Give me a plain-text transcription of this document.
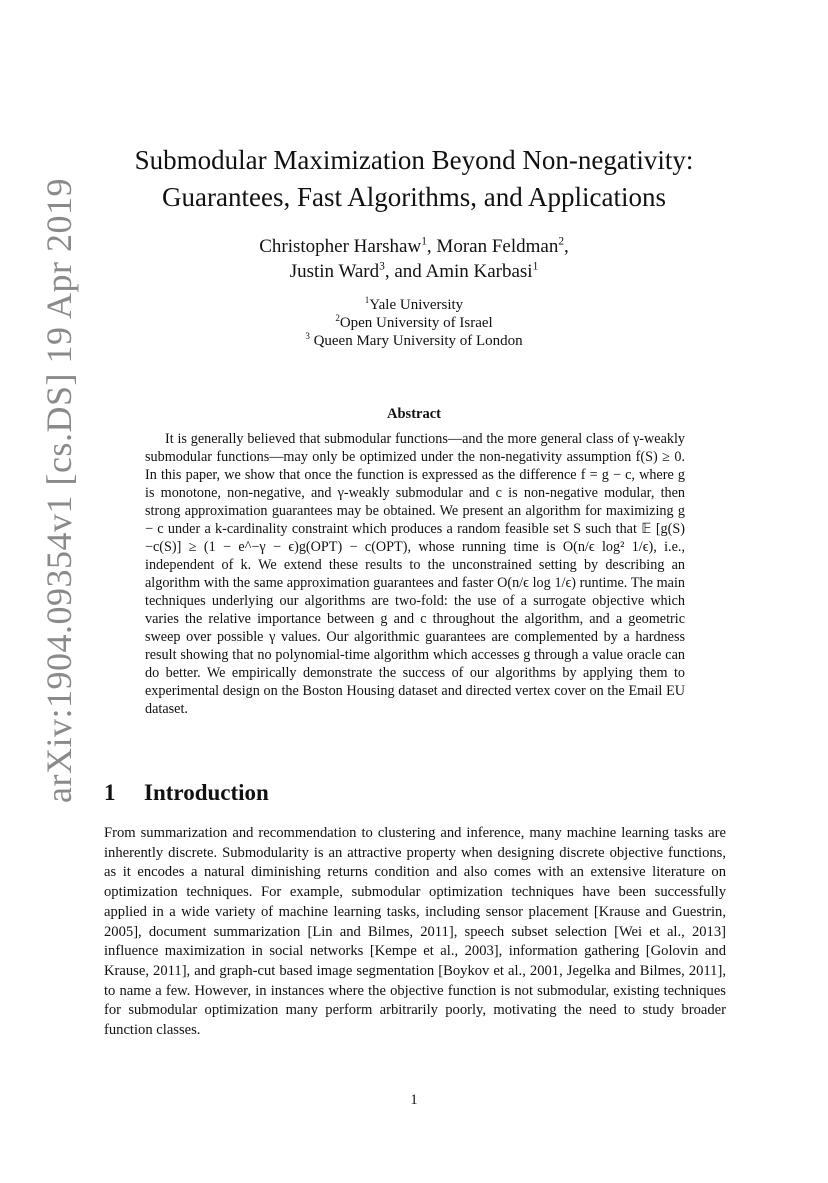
arXiv:1904.09354v1 [cs.DS] 19 Apr 2019
Submodular Maximization Beyond Non-negativity:
Guarantees, Fast Algorithms, and Applications
Christopher Harshaw$^1$, Moran Feldman$^2$,
Justin Ward$^3$, and Amin Karbasi$^1$
$^1$Yale University
$^2$Open University of Israel
$^3$ Queen Mary University of London
Abstract

It is generally believed that submodular functions—and the more general class of γ-weakly submodular functions—may only be optimized under the non-negativity assumption f(S) ≥ 0. In this paper, we show that once the function is expressed as the difference f = g − c, where g is monotone, non-negative, and γ-weakly submodular and c is non-negative modular, then strong approximation guarantees may be obtained. We present an algorithm for maximizing g − c under a k-cardinality constraint which produces a random feasible set S such that 𝔼 [g(S)−c(S)] ≥ (1 − e^−γ − ϵ)g(OPT) − c(OPT), whose running time is O(n/ϵ log² 1/ϵ), i.e., independent of k. We extend these results to the unconstrained setting by describing an algorithm with the same approximation guarantees and faster O(n/ϵ log 1/ϵ) runtime. The main techniques underlying our algorithms are two-fold: the use of a surrogate objective which varies the relative importance between g and c throughout the algorithm, and a geometric sweep over possible γ values. Our algorithmic guarantees are complemented by a hardness result showing that no polynomial-time algorithm which accesses g through a value oracle can do better. We empirically demonstrate the success of our algorithms by applying them to experimental design on the Boston Housing dataset and directed vertex cover on the Email EU dataset.

1 Introduction

From summarization and recommendation to clustering and inference, many machine learning tasks are inherently discrete. Submodularity is an attractive property when designing discrete objective functions, as it encodes a natural diminishing returns condition and also comes with an extensive literature on optimization techniques. For example, submodular optimization techniques have been successfully applied in a wide variety of machine learning tasks, including sensor placement [Krause and Guestrin, 2005], document summarization [Lin and Bilmes, 2011], speech subset selection [Wei et al., 2013] influence maximization in social networks [Kempe et al., 2003], information gathering [Golovin and Krause, 2011], and graph-cut based image segmentation [Boykov et al., 2001, Jegelka and Bilmes, 2011], to name a few. However, in instances where the objective function is not submodular, existing techniques for submodular optimization many perform arbitrarily poorly, motivating the need to study broader function classes.

1
